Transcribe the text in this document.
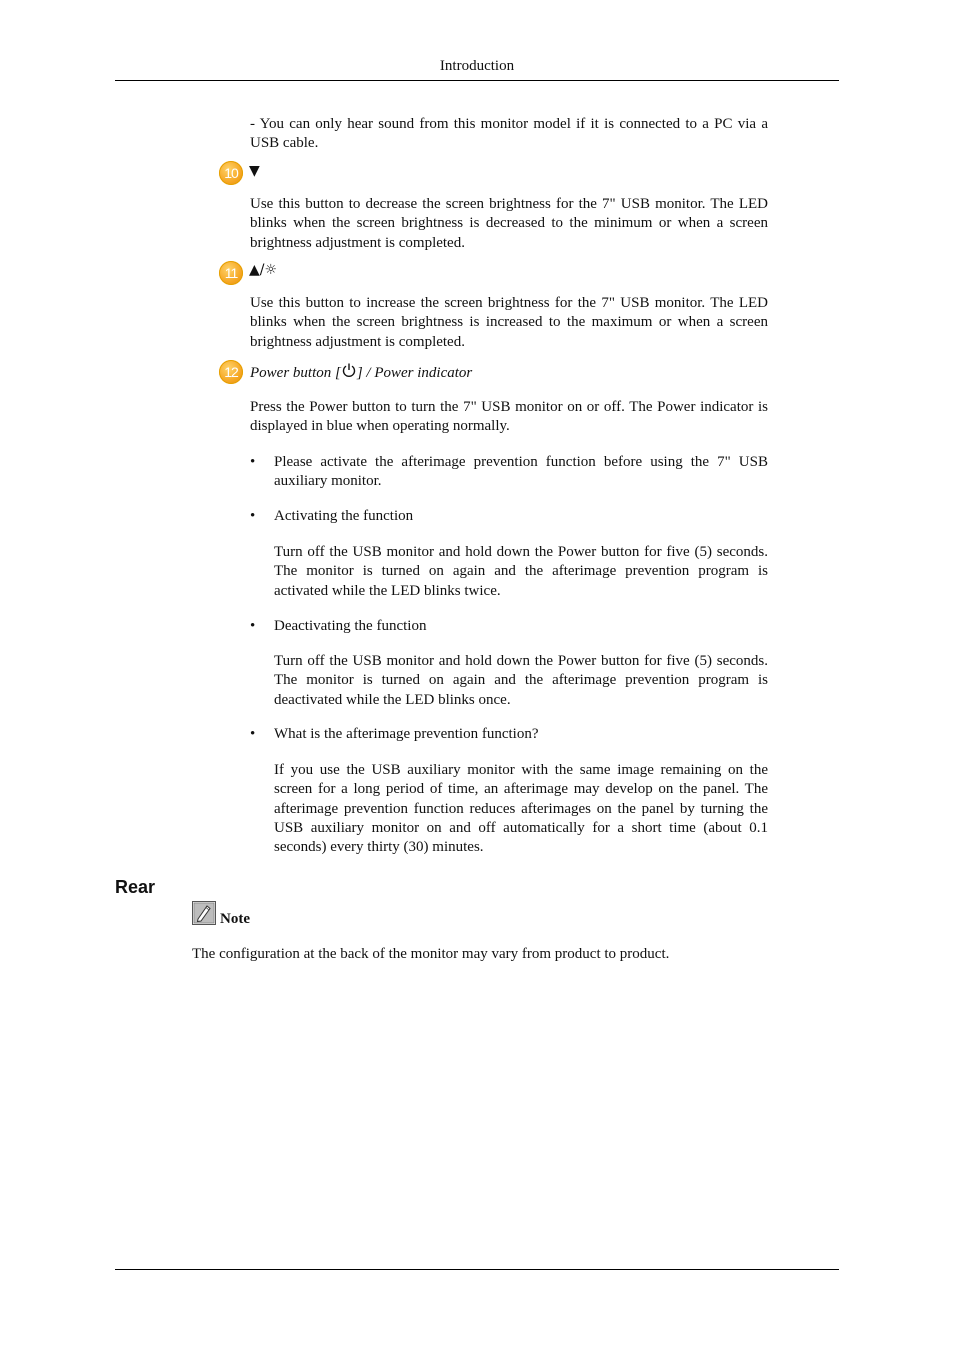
Introduction
- You can only hear sound from this monitor model if it is connected to a PC via a USB cable.
10 ▼
Use this button to decrease the screen brightness for the 7" USB monitor. The LED blinks when the screen brightness is decreased to the minimum or when a screen brightness adjustment is completed.
11 ▲/☼
Use this button to increase the screen brightness for the 7" USB monitor. The LED blinks when the screen brightness is increased to the maximum or when a screen brightness adjustment is completed.
12 Power button [ ] / Power indicator
Press the Power button to turn the 7" USB monitor on or off. The Power indicator is displayed in blue when operating normally.
• Please activate the afterimage prevention function before using the 7" USB auxiliary monitor.
• Activating the function
Turn off the USB monitor and hold down the Power button for five (5) seconds. The monitor is turned on again and the afterimage prevention program is activated while the LED blinks twice.
• Deactivating the function
Turn off the USB monitor and hold down the Power button for five (5) seconds. The monitor is turned on again and the afterimage prevention program is deactivated while the LED blinks once.
• What is the afterimage prevention function?
If you use the USB auxiliary monitor with the same image remaining on the screen for a long period of time, an afterimage may develop on the panel. The afterimage prevention function reduces afterimages on the panel by turning the USB auxiliary monitor on and off automatically for a short time (about 0.1 seconds) every thirty (30) minutes.
Rear
Note
The configuration at the back of the monitor may vary from product to product.
